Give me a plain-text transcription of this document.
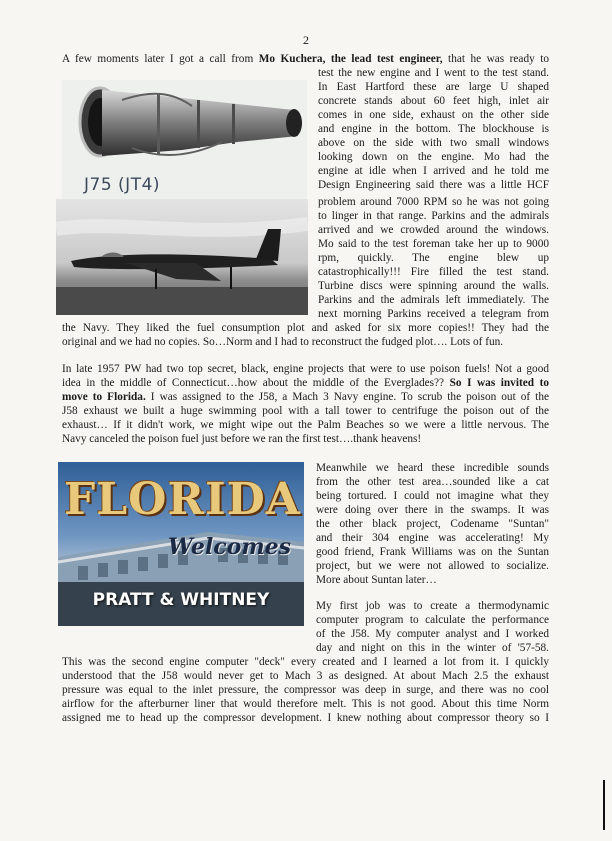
2
A few moments later I got a call from Mo Kuchera, the lead test engineer, that he was ready to
test the new engine and I went to the test stand.
In East Hartford these are large U shaped
concrete stands about 60 feet high, inlet air
comes in one side, exhaust on the other side
and engine in the bottom. The blockhouse is
above on the side with two small windows
looking down on the engine. Mo had the
engine at idle when I arrived and he told me
Design Engineering said there was a little HCF
problem around 7000 RPM so he was not going
to linger in that range. Parkins and the admirals
arrived and we crowded around the windows.
Mo said to the test foreman take her up to 9000
rpm, quickly. The engine blew up
catastrophically!!! Fire filled the test stand.
Turbine discs were spinning around the walls.
Parkins and the admirals left immediately. The
next morning Parkins received a telegram from
the Navy. They liked the fuel consumption plot and asked for six more copies!! They had the
original and we had no copies. So…Norm and I had to reconstruct the fudged plot…. Lots of fun.
J75 (JT4)
In late 1957 PW had two top secret, black, engine projects that were to use poison fuels! Not a good
idea in the middle of Connecticut…how about the middle of the Everglades?? So I was invited to
move to Florida. I was assigned to the J58, a Mach 3 Navy engine. To scrub the poison out of the
J58 exhaust we built a huge swimming pool with a tall tower to centrifuge the poison out of the
exhaust… If it didn't work, we might wipe out the Palm Beaches so we were a little nervous. The
Navy canceled the poison fuel just before we ran the first test….thank heavens!
FLORIDA
Welcomes
PRATT & WHITNEY
Meanwhile we heard these incredible sounds
from the other test area…sounded like a cat
being tortured. I could not imagine what they
were doing over there in the swamps. It was
the other black project, Codename "Suntan"
and their 304 engine was accelerating! My
good friend, Frank Williams was on the Suntan
project, but we were not allowed to socialize.
More about Suntan later…
My first job was to create a thermodynamic
computer program to calculate the performance
of the J58. My computer analyst and I worked
day and night on this in the winter of '57-58.
This was the second engine computer "deck" every created and I learned a lot from it. I quickly
understood that the J58 would never get to Mach 3 as designed. At about Mach 2.5 the exhaust
pressure was equal to the inlet pressure, the compressor was deep in surge, and there was no cool
airflow for the afterburner liner that would therefore melt. This is not good. About this time Norm
assigned me to head up the compressor development. I knew nothing about compressor theory so I
